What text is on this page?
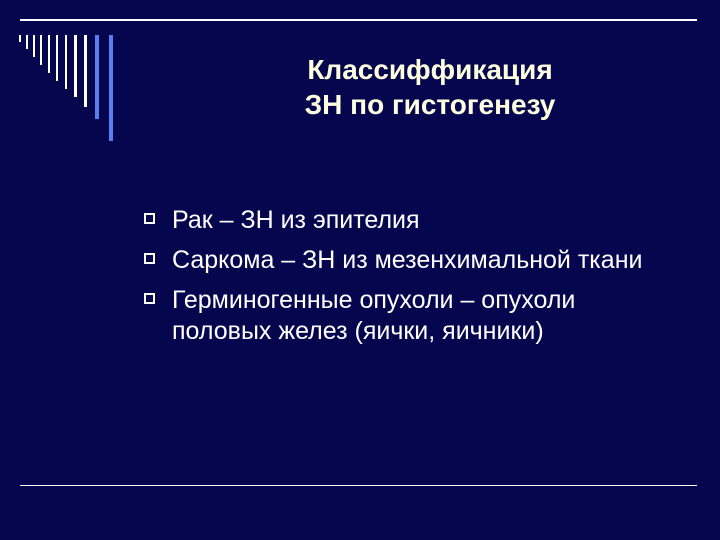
Классиффикация
ЗН по гистогенезу
Рак – ЗН из эпителия
Саркома – ЗН из мезенхимальной ткани
Герминогенные опухоли – опухоли половых желез (яички, яичники)
